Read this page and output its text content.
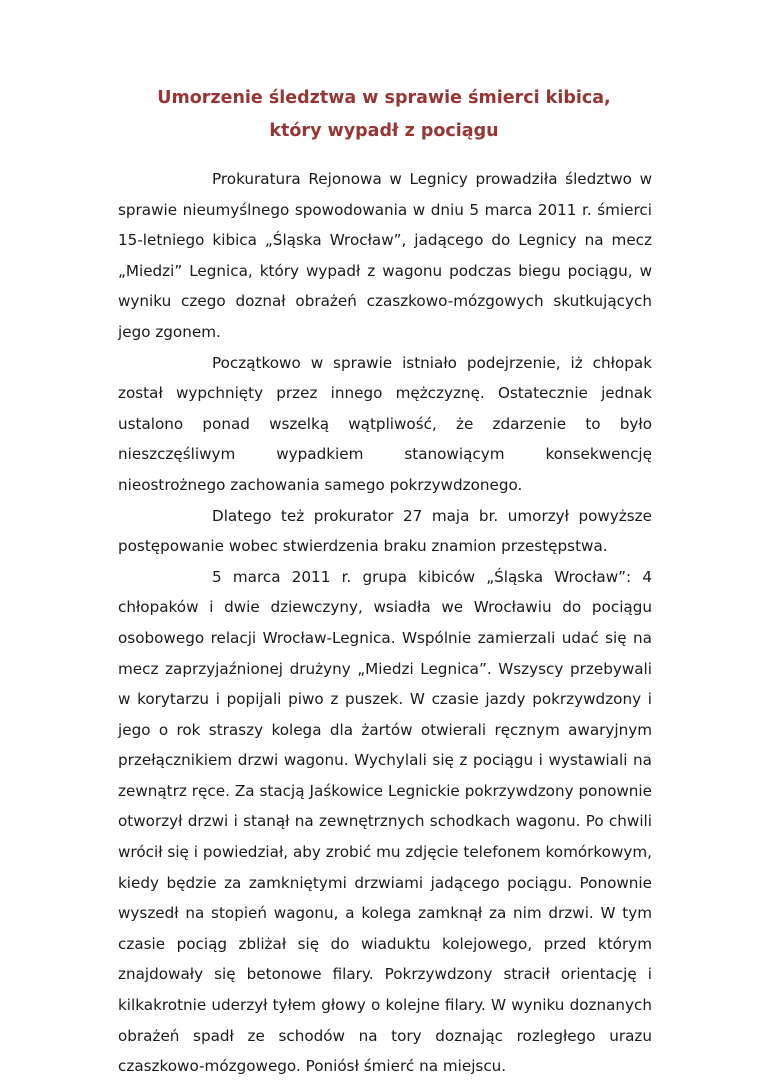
Umorzenie śledztwa w sprawie śmierci kibica,
który wypadł z pociągu

Prokuratura Rejonowa w Legnicy prowadziła śledztwo w sprawie nieumyślnego spowodowania w dniu 5 marca 2011 r. śmierci 15-letniego kibica „Śląska Wrocław”, jadącego do Legnicy na mecz „Miedzi” Legnica, który wypadł z wagonu podczas biegu pociągu, w wyniku czego doznał obrażeń czaszkowo-mózgowych skutkujących jego zgonem.

Początkowo w sprawie istniało podejrzenie, iż chłopak został wypchnięty przez innego mężczyznę. Ostatecznie jednak ustalono ponad wszelką wątpliwość, że zdarzenie to było nieszczęśliwym wypadkiem stanowiącym konsekwencję nieostrożnego zachowania samego pokrzywdzonego.

Dlatego też prokurator 27 maja br. umorzył powyższe postępowanie wobec stwierdzenia braku znamion przestępstwa.

5 marca 2011 r. grupa kibiców „Śląska Wrocław”: 4 chłopaków i dwie dziewczyny, wsiadła we Wrocławiu do pociągu osobowego relacji Wrocław-Legnica. Wspólnie zamierzali udać się na mecz zaprzyjaźnionej drużyny „Miedzi Legnica”. Wszyscy przebywali w korytarzu i popijali piwo z puszek. W czasie jazdy pokrzywdzony i jego o rok straszy kolega dla żartów otwierali ręcznym awaryjnym przełącznikiem drzwi wagonu. Wychylali się z pociągu i wystawiali na zewnątrz ręce. Za stacją Jaśkowice Legnickie pokrzywdzony ponownie otworzył drzwi i stanął na zewnętrznych schodkach wagonu. Po chwili wrócił się i powiedział, aby zrobić mu zdjęcie telefonem komórkowym, kiedy będzie za zamkniętymi drzwiami jadącego pociągu. Ponownie wyszedł na stopień wagonu, a kolega zamknął za nim drzwi. W tym czasie pociąg zbliżał się do wiaduktu kolejowego, przed którym znajdowały się betonowe filary. Pokrzywdzony stracił orientację i kilkakrotnie uderzył tyłem głowy o kolejne filary. W wyniku doznanych obrażeń spadł ze schodów na tory doznając rozległego urazu czaszkowo-mózgowego. Poniósł śmierć na miejscu.
